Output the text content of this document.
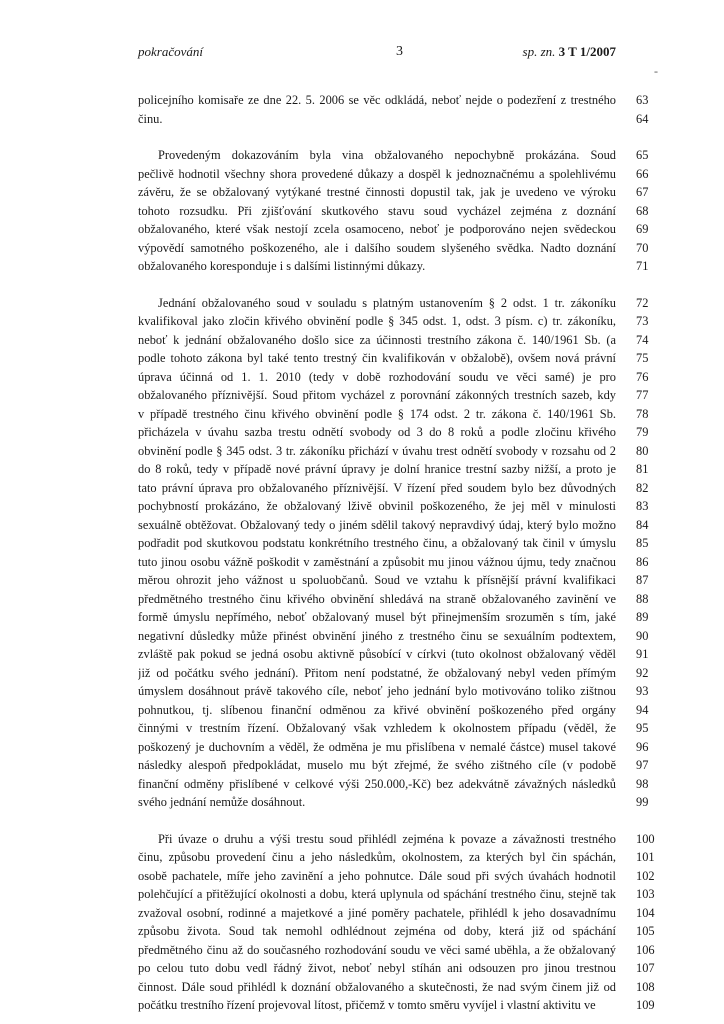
pokračování	3	sp. zn. 3 T 1/2007
-
policejního komisaře ze dne 22. 5. 2006 se věc odkládá, neboť nejde o podezření z trestného 63
činu.	64
Provedeným dokazováním byla vina obžalovaného nepochybně prokázána. Soud 65
pečlivě hodnotil všechny shora provedené důkazy a dospěl k jednoznačnému a spolehlivému 66
závěru, že se obžalovaný vytýkané trestné činnosti dopustil tak, jak je uvedeno ve výroku 67
tohoto rozsudku. Při zjišťování skutkového stavu soud vycházel zejména z doznání 68
obžalovaného, které však nestojí zcela osamoceno, neboť je podporováno nejen svědeckou 69
výpovědí samotného poškozeného, ale i dalšího soudem slyšeného svědka. Nadto doznání 70
obžalovaného koresponduje i s dalšími listinnými důkazy.	71
Jednání obžalovaného soud v souladu s platným ustanovením § 2 odst. 1 tr. zákoníku 72
kvalifikoval jako zločin křivého obvinění podle § 345 odst. 1, odst. 3 písm. c) tr. zákoníku, 73
neboť k jednání obžalovaného došlo sice za účinnosti trestního zákona č. 140/1961 Sb. (a 74
podle tohoto zákona byl také tento trestný čin kvalifikován v obžalobě), ovšem nová právní 75
úprava účinná od 1. 1. 2010 (tedy v době rozhodování soudu ve věci samé) je pro 76
obžalovaného příznivější. Soud přitom vycházel z porovnání zákonných trestních sazeb, kdy 77
v případě trestného činu křivého obvinění podle § 174 odst. 2 tr. zákona č. 140/1961 Sb. 78
přicházela v úvahu sazba trestu odnětí svobody od 3 do 8 roků a podle zločinu křivého 79
obvinění podle § 345 odst. 3 tr. zákoníku přichází v úvahu trest odnětí svobody v rozsahu od 2 80
do 8 roků, tedy v případě nové právní úpravy je dolní hranice trestní sazby nižší, a proto je 81
tato právní úprava pro obžalovaného příznivější. V řízení před soudem bylo bez důvodných 82
pochybností prokázáno, že obžalovaný lživě obvinil poškozeného, že jej měl v minulosti 83
sexuálně obtěžovat. Obžalovaný tedy o jiném sdělil takový nepravdivý údaj, který bylo možno 84
podřadit pod skutkovou podstatu konkrétního trestného činu, a obžalovaný tak činil v úmyslu 85
tuto jinou osobu vážně poškodit v zaměstnání a způsobit mu jinou vážnou újmu, tedy značnou 86
měrou ohrozit jeho vážnost u spoluobčanů. Soud ve vztahu k přísnější právní kvalifikaci 87
předmětného trestného činu křivého obvinění shledává na straně obžalovaného zavinění ve 88
formě úmyslu nepřímého, neboť obžalovaný musel být přinejmenším srozuměn s tím, jaké 89
negativní důsledky může přinést obvinění jiného z trestného činu se sexuálním podtextem, 90
zvláště pak pokud se jedná osobu aktivně působící v církvi (tuto okolnost obžalovaný věděl 91
již od počátku svého jednání). Přitom není podstatné, že obžalovaný nebyl veden přímým 92
úmyslem dosáhnout právě takového cíle, neboť jeho jednání bylo motivováno toliko zištnou 93
pohnutkou, tj. slíbenou finanční odměnou za křivé obvinění poškozeného před orgány 94
činnými v trestním řízení. Obžalovaný však vzhledem k okolnostem případu (věděl, že 95
poškozený je duchovním a věděl, že odměna je mu přislíbena v nemalé částce) musel takové 96
následky alespoň předpokládat, muselo mu být zřejmé, že svého zištného cíle (v podobě 97
finanční odměny přislíbené v celkové výši 250.000,-Kč) bez adekvátně závažných následků 98
svého jednání nemůže dosáhnout.	99
Při úvaze o druhu a výši trestu soud přihlédl zejména k povaze a závažnosti trestného 100
činu, způsobu provedení činu a jeho následkům, okolnostem, za kterých byl čin spáchán, 101
osobě pachatele, míře jeho zavinění a jeho pohnutce. Dále soud při svých úvahách hodnotil 102
polehčující a přitěžující okolnosti a dobu, která uplynula od spáchání trestného činu, stejně tak 103
zvažoval osobní, rodinné a majetkové a jiné poměry pachatele, přihlédl k jeho dosavadnímu 104
způsobu života. Soud tak nemohl odhlédnout zejména od doby, která již od spáchání 105
předmětného činu až do současného rozhodování soudu ve věci samé uběhla, a že obžalovaný 106
po celou tuto dobu vedl řádný život, neboť nebyl stíhán ani odsouzen pro jinou trestnou 107
činnost. Dále soud přihlédl k doznání obžalovaného a skutečnosti, že nad svým činem již od 108
počátku trestního řízení projevoval lítost, přičemž v tomto směru vyvíjel i vlastní aktivitu ve	109
